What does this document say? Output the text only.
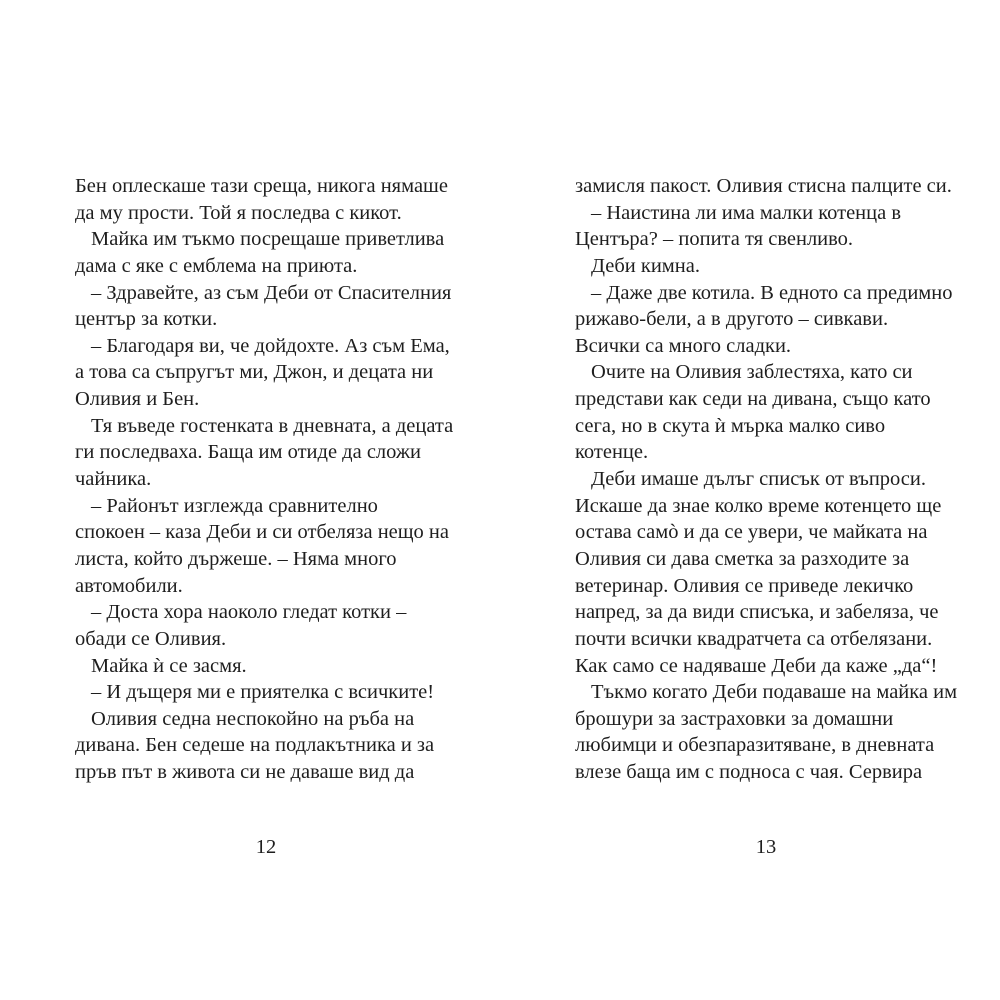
Бен оплескаше тази среща, никога нямаше
да му прости. Той я последва с кикот.
Майка им тъкмо посрещаше приветлива
дама с яке с емблема на приюта.
– Здравейте, аз съм Деби от Спасителния
център за котки.
– Благодаря ви, че дойдохте. Аз съм Ема,
а това са съпругът ми, Джон, и децата ни
Оливия и Бен.
Тя въведе гостенката в дневната, а децата
ги последваха. Баща им отиде да сложи
чайника.
– Районът изглежда сравнително
спокоен – каза Деби и си отбеляза нещо на
листа, който държеше. – Няма много
автомобили.
– Доста хора наоколо гледат котки –
обади се Оливия.
Майка ѝ се засмя.
– И дъщеря ми е приятелка с всичките!
Оливия седна неспокойно на ръба на
дивана. Бен седеше на подлакътника и за
пръв път в живота си не даваше вид да
12
замисля пакост. Оливия стисна палците си.
– Наистина ли има малки котенца в
Центъра? – попита тя свенливо.
Деби кимна.
– Даже две котила. В едното са предимно
рижаво-бели, а в другото – сивкави.
Всички са много сладки.
Очите на Оливия заблестяха, като си
представи как седи на дивана, също като
сега, но в скута ѝ мърка малко сиво
котенце.
Деби имаше дълъг списък от въпроси.
Искаше да знае колко време котенцето ще
остава самò и да се увери, че майката на
Оливия си дава сметка за разходите за
ветеринар. Оливия се приведе лекичко
напред, за да види списъка, и забеляза, че
почти всички квадратчета са отбелязани.
Как само се надяваше Деби да каже „да“!
Тъкмо когато Деби подаваше на майка им
брошури за застраховки за домашни
любимци и обезпаразитяване, в дневната
влезе баща им с подноса с чая. Сервира
13
